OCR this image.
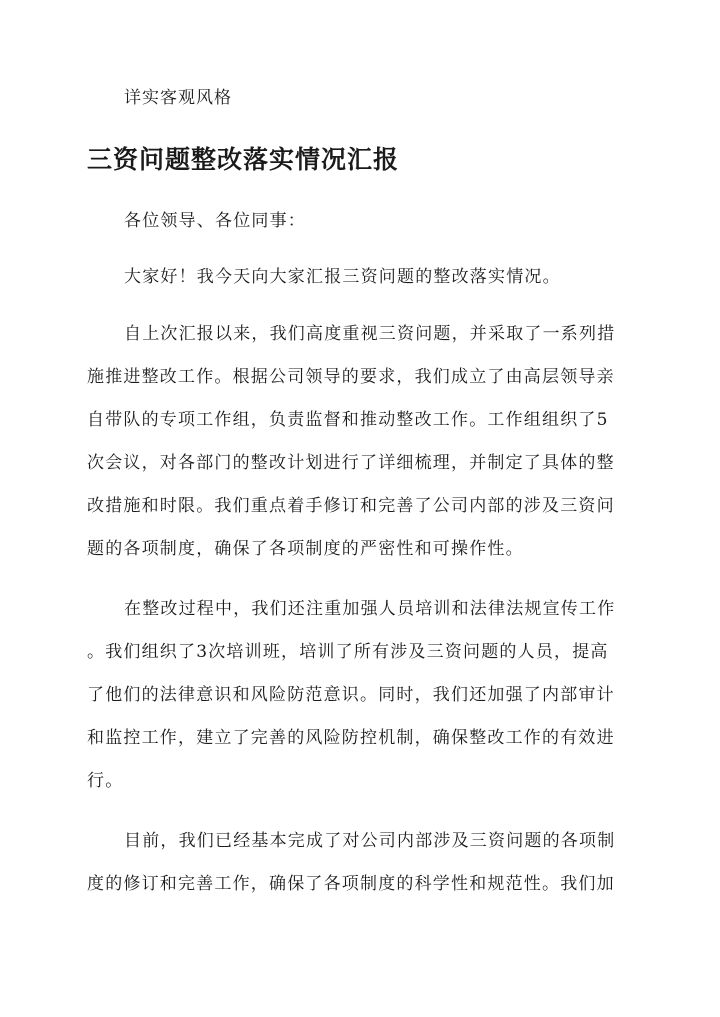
详实客观风格
三资问题整改落实情况汇报

各位领导、各位同事：

大家好！我今天向大家汇报三资问题的整改落实情况。

自上次汇报以来，我们高度重视三资问题，并采取了一系列措
施推进整改工作。根据公司领导的要求，我们成立了由高层领导亲
自带队的专项工作组，负责监督和推动整改工作。工作组组织了5
次会议，对各部门的整改计划进行了详细梳理，并制定了具体的整
改措施和时限。我们重点着手修订和完善了公司内部的涉及三资问
题的各项制度，确保了各项制度的严密性和可操作性。

在整改过程中，我们还注重加强人员培训和法律法规宣传工作
。我们组织了3次培训班，培训了所有涉及三资问题的人员，提高
了他们的法律意识和风险防范意识。同时，我们还加强了内部审计
和监控工作，建立了完善的风险防控机制，确保整改工作的有效进
行。

目前，我们已经基本完成了对公司内部涉及三资问题的各项制
度的修订和完善工作，确保了各项制度的科学性和规范性。我们加
